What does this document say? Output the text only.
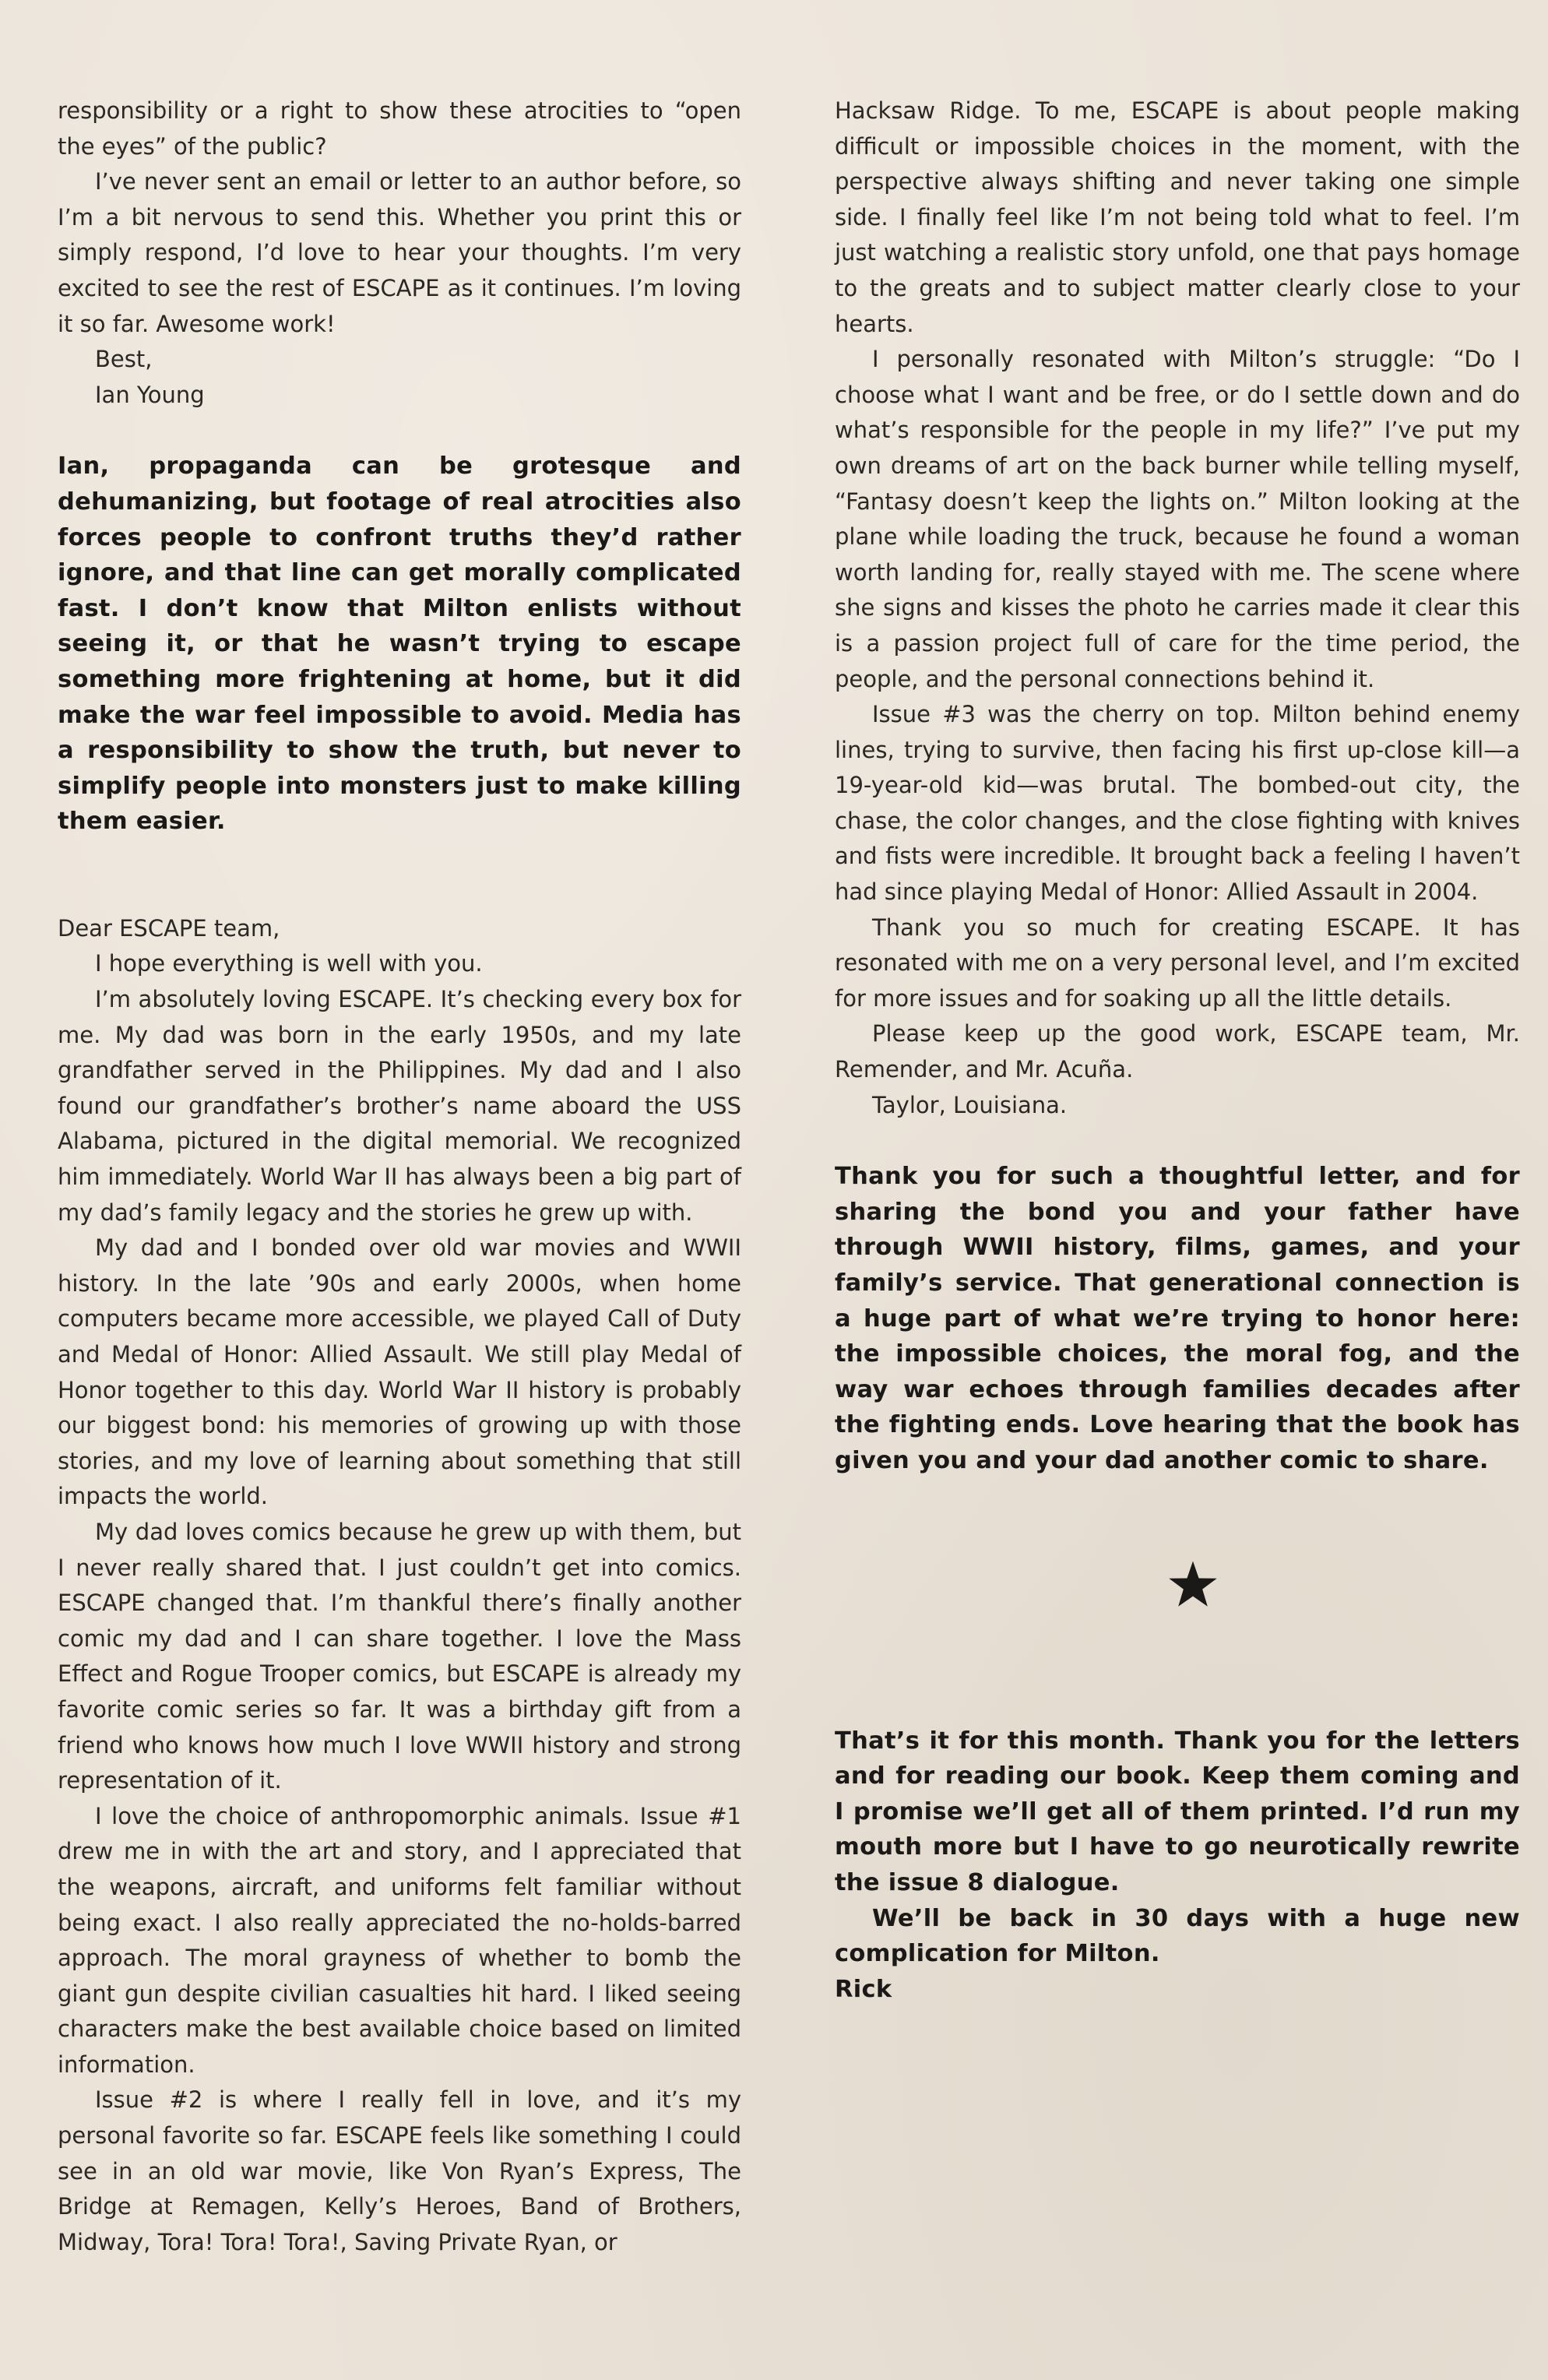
responsibility or a right to show these atrocities to “open the eyes” of the public?

I’ve never sent an email or letter to an author before, so I’m a bit nervous to send this. Whether you print this or simply respond, I’d love to hear your thoughts. I’m very excited to see the rest of ESCAPE as it continues. I’m loving it so far. Awesome work!

Best,

Ian Young

Ian, propaganda can be grotesque and dehumanizing, but footage of real atrocities also forces people to confront truths they’d rather ignore, and that line can get morally complicated fast. I don’t know that Milton enlists without seeing it, or that he wasn’t trying to escape something more frightening at home, but it did make the war feel impossible to avoid. Media has a responsibility to show the truth, but never to simplify people into monsters just to make killing them easier.

Dear ESCAPE team,

I hope everything is well with you.

I’m absolutely loving ESCAPE. It’s checking every box for me. My dad was born in the early 1950s, and my late grandfather served in the Philippines. My dad and I also found our grandfather’s brother’s name aboard the USS Alabama, pictured in the digital memorial. We recognized him immediately. World War II has always been a big part of my dad’s family legacy and the stories he grew up with.

My dad and I bonded over old war movies and WWII history. In the late ’90s and early 2000s, when home computers became more accessible, we played Call of Duty and Medal of Honor: Allied Assault. We still play Medal of Honor together to this day. World War II history is probably our biggest bond: his memories of growing up with those stories, and my love of learning about something that still impacts the world.

My dad loves comics because he grew up with them, but I never really shared that. I just couldn’t get into comics. ESCAPE changed that. I’m thankful there’s finally another comic my dad and I can share together. I love the Mass Effect and Rogue Trooper comics, but ESCAPE is already my favorite comic series so far. It was a birthday gift from a friend who knows how much I love WWII history and strong representation of it.

I love the choice of anthropomorphic animals. Issue #1 drew me in with the art and story, and I appreciated that the weapons, aircraft, and uniforms felt familiar without being exact. I also really appreciated the no-holds-barred approach. The moral grayness of whether to bomb the giant gun despite civilian casualties hit hard. I liked seeing characters make the best available choice based on limited information.

Issue #2 is where I really fell in love, and it’s my personal favorite so far. ESCAPE feels like something I could see in an old war movie, like Von Ryan’s Express, The Bridge at Remagen, Kelly’s Heroes, Band of Brothers, Midway, Tora! Tora! Tora!, Saving Private Ryan, or

Hacksaw Ridge. To me, ESCAPE is about people making difficult or impossible choices in the moment, with the perspective always shifting and never taking one simple side. I finally feel like I’m not being told what to feel. I’m just watching a realistic story unfold, one that pays homage to the greats and to subject matter clearly close to your hearts.

I personally resonated with Milton’s struggle: “Do I choose what I want and be free, or do I settle down and do what’s responsible for the people in my life?” I’ve put my own dreams of art on the back burner while telling myself, “Fantasy doesn’t keep the lights on.” Milton looking at the plane while loading the truck, because he found a woman worth landing for, really stayed with me. The scene where she signs and kisses the photo he carries made it clear this is a passion project full of care for the time period, the people, and the personal connections behind it.

Issue #3 was the cherry on top. Milton behind enemy lines, trying to survive, then facing his first up-close kill—a 19-year-old kid—was brutal. The bombed-out city, the chase, the color changes, and the close fighting with knives and fists were incredible. It brought back a feeling I haven’t had since playing Medal of Honor: Allied Assault in 2004.

Thank you so much for creating ESCAPE. It has resonated with me on a very personal level, and I’m excited for more issues and for soaking up all the little details.

Please keep up the good work, ESCAPE team, Mr. Remender, and Mr. Acuña.

Taylor, Louisiana.

Thank you for such a thoughtful letter, and for sharing the bond you and your father have through WWII history, films, games, and your family’s service. That generational connection is a huge part of what we’re trying to honor here: the impossible choices, the moral fog, and the way war echoes through families decades after the fighting ends. Love hearing that the book has given you and your dad another comic to share.

That’s it for this month. Thank you for the letters and for reading our book. Keep them coming and I promise we’ll get all of them printed. I’d run my mouth more but I have to go neurotically rewrite the issue 8 dialogue.

We’ll be back in 30 days with a huge new complication for Milton.

Rick
